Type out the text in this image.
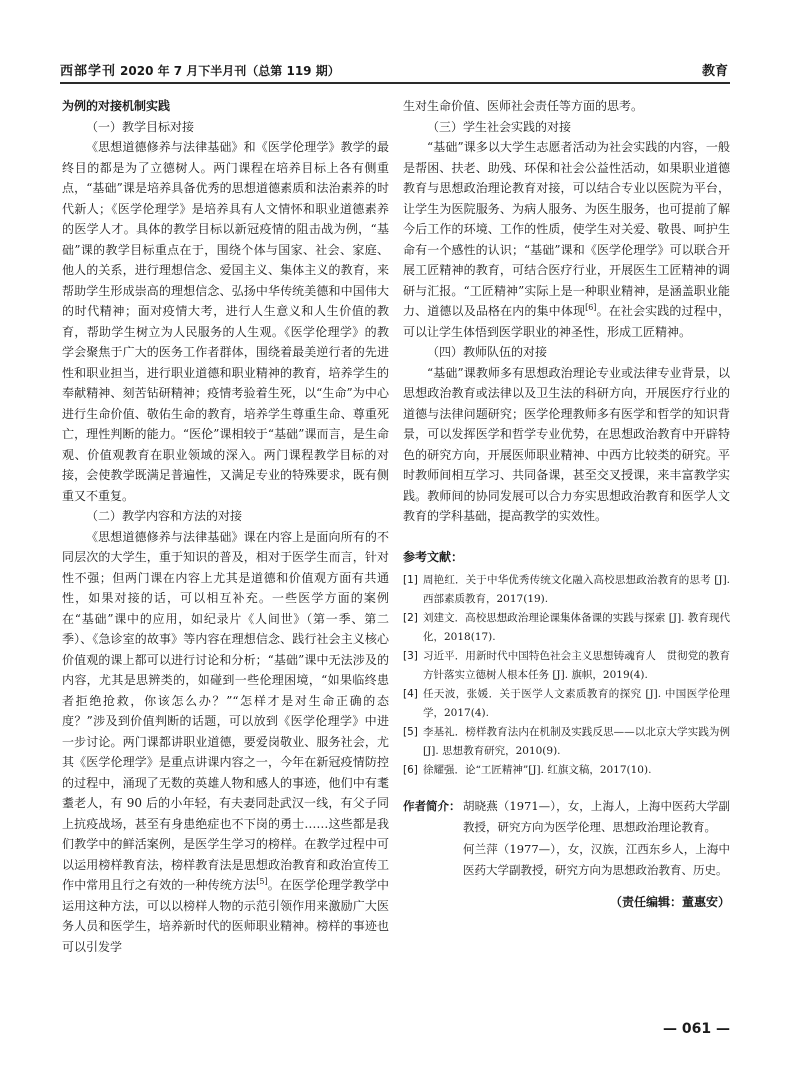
西部学刊 2020 年 7 月下半月刊（总第 119 期）	教育
为例的对接机制实践
（一）教学目标对接

《思想道德修养与法律基础》和《医学伦理学》教学的最终目的都是为了立德树人。两门课程在培养目标上各有侧重点，“基础”课是培养具备优秀的思想道德素质和法治素养的时代新人；《医学伦理学》是培养具有人文情怀和职业道德素养的医学人才。具体的教学目标以新冠疫情的阻击战为例，“基础”课的教学目标重点在于，围绕个体与国家、社会、家庭、他人的关系，进行理想信念、爱国主义、集体主义的教育，来帮助学生形成崇高的理想信念、弘扬中华传统美德和中国伟大的时代精神；面对疫情大考，进行人生意义和人生价值的教育，帮助学生树立为人民服务的人生观。《医学伦理学》的教学会聚焦于广大的医务工作者群体，围绕着最美逆行者的先进性和职业担当，进行职业道德和职业精神的教育，培养学生的奉献精神、刻苦钻研精神；疫情考验着生死，以“生命”为中心进行生命价值、敬佑生命的教育，培养学生尊重生命、尊重死亡，理性判断的能力。“医伦”课相较于“基础”课而言，是生命观、价值观教育在职业领域的深入。两门课程教学目标的对接，会使教学既满足普遍性，又满足专业的特殊要求，既有侧重又不重复。

（二）教学内容和方法的对接

《思想道德修养与法律基础》课在内容上是面向所有的不同层次的大学生，重于知识的普及，相对于医学生而言，针对性不强；但两门课在内容上尤其是道德和价值观方面有共通性，如果对接的话，可以相互补充。一些医学方面的案例在“基础”课中的应用，如纪录片《人间世》（第一季、第二季）、《急诊室的故事》等内容在理想信念、践行社会主义核心价值观的课上都可以进行讨论和分析；“基础”课中无法涉及的内容，尤其是思辨类的，如碰到一些伦理困境，“如果临终患者拒绝抢救，你该怎么办？”“怎样才是对生命正确的态度？”涉及到价值判断的话题，可以放到《医学伦理学》中进一步讨论。两门课都讲职业道德，要爱岗敬业、服务社会，尤其《医学伦理学》是重点讲课内容之一，今年在新冠疫情防控的过程中，涌现了无数的英雄人物和感人的事迹，他们中有耄耋老人，有 90 后的小年轻，有夫妻同赴武汉一线，有父子同上抗疫战场，甚至有身患绝症也不下岗的勇士……这些都是我们教学中的鲜活案例，是医学生学习的榜样。在教学过程中可以运用榜样教育法，榜样教育法是思想政治教育和政治宣传工作中常用且行之有效的一种传统方法[5]。在医学伦理学教学中运用这种方法，可以以榜样人物的示范引领作用来激励广大医务人员和医学生，培养新时代的医师职业精神。榜样的事迹也可以引发学

生对生命价值、医师社会责任等方面的思考。

（三）学生社会实践的对接

“基础”课多以大学生志愿者活动为社会实践的内容，一般是帮困、扶老、助残、环保和社会公益性活动，如果职业道德教育与思想政治理论教育对接，可以结合专业以医院为平台，让学生为医院服务、为病人服务、为医生服务，也可提前了解今后工作的环境、工作的性质，使学生对关爱、敬畏、呵护生命有一个感性的认识；“基础”课和《医学伦理学》可以联合开展工匠精神的教育，可结合医疗行业，开展医生工匠精神的调研与汇报。“工匠精神”实际上是一种职业精神，是涵盖职业能力、道德以及品格在内的集中体现[6]。在社会实践的过程中，可以让学生体悟到医学职业的神圣性，形成工匠精神。

（四）教师队伍的对接

“基础”课教师多有思想政治理论专业或法律专业背景，以思想政治教育或法律以及卫生法的科研方向，开展医疗行业的道德与法律问题研究；医学伦理教师多有医学和哲学的知识背景，可以发挥医学和哲学专业优势，在思想政治教育中开辟特色的研究方向，开展医师职业精神、中西方比较类的研究。平时教师间相互学习、共同备课，甚至交叉授课，来丰富教学实践。教师间的协同发展可以合力夯实思想政治教育和医学人文教育的学科基础，提高教学的实效性。

参考文献：

[1] 周艳红．关于中华优秀传统文化融入高校思想政治教育的思考 [J]. 西部素质教育，2017(19).
[2] 刘建文．高校思想政治理论课集体备课的实践与探索 [J]. 教育现代化，2018(17).
[3] 习近平．用新时代中国特色社会主义思想铸魂育人　贯彻党的教育方针落实立德树人根本任务 [J]. 旗帜，2019(4).
[4] 任天波，张媛．关于医学人文素质教育的探究 [J]. 中国医学伦理学，2017(4).
[5] 李基礼．榜样教育法内在机制及实践反思——以北京大学实践为例 [J]. 思想教育研究，2010(9).
[6] 徐耀强．论“工匠精神”[J]. 红旗文稿，2017(10).
作者简介： 胡晓燕（1971—），女，上海人，上海中医药大学副教授，研究方向为医学伦理、思想政治理论教育。

何兰萍（1977—），女，汉族，江西东乡人，上海中医药大学副教授，研究方向为思想政治教育、历史。

（责任编辑：董惠安）
— 061 —
